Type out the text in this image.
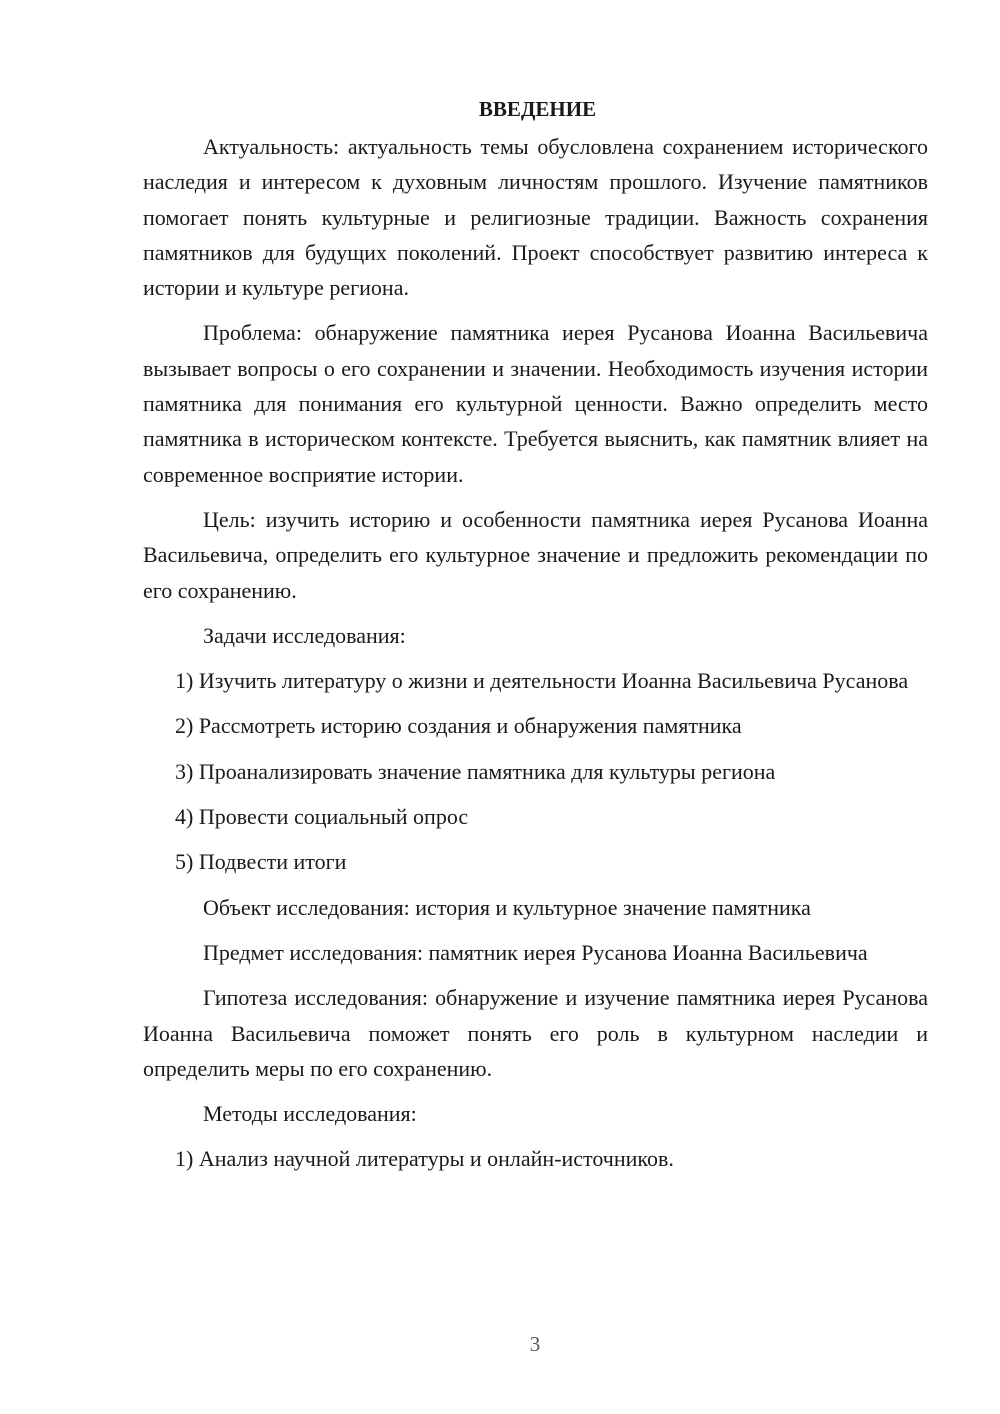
ВВЕДЕНИЕ

Актуальность: актуальность темы обусловлена сохранением исторического наследия и интересом к духовным личностям прошлого. Изучение памятников помогает понять культурные и религиозные традиции. Важность сохранения памятников для будущих поколений. Проект способствует развитию интереса к истории и культуре региона.

Проблема: обнаружение памятника иерея Русанова Иоанна Васильевича вызывает вопросы о его сохранении и значении. Необходимость изучения истории памятника для понимания его культурной ценности. Важно определить место памятника в историческом контексте. Требуется выяснить, как памятник влияет на современное восприятие истории.

Цель: изучить историю и особенности памятника иерея Русанова Иоанна Васильевича, определить его культурное значение и предложить рекомендации по его сохранению.

Задачи исследования:

1) Изучить литературу о жизни и деятельности Иоанна Васильевича Русанова

2) Рассмотреть историю создания и обнаружения памятника

3) Проанализировать значение памятника для культуры региона

4) Провести социальный опрос

5) Подвести итоги

Объект исследования: история и культурное значение памятника

Предмет исследования: памятник иерея Русанова Иоанна Васильевича

Гипотеза исследования: обнаружение и изучение памятника иерея Русанова Иоанна Васильевича поможет понять его роль в культурном наследии и определить меры по его сохранению.

Методы исследования:

1) Анализ научной литературы и онлайн-источников.

3
